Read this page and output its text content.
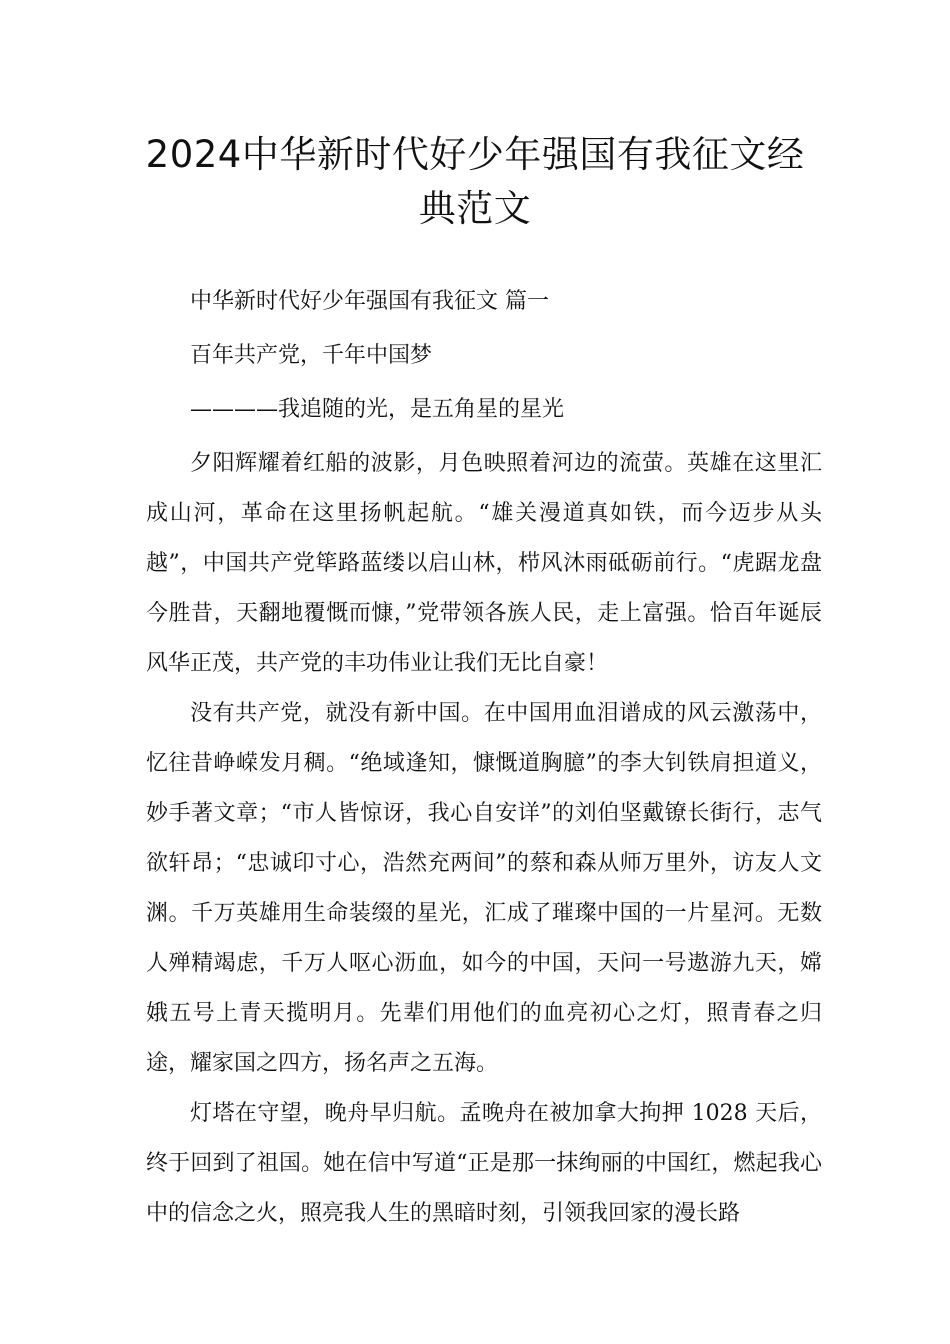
2024中华新时代好少年强国有我征文经
典范文

中华新时代好少年强国有我征文 篇一

百年共产党，千年中国梦

————我追随的光，是五角星的星光

夕阳辉耀着红船的波影，月色映照着河边的流萤。英雄在这里汇成山河，革命在这里扬帆起航。“雄关漫道真如铁，而今迈步从头越”，中国共产党筚路蓝缕以启山林，栉风沐雨砥砺前行。“虎踞龙盘今胜昔，天翻地覆慨而慷，”党带领各族人民，走上富强。恰百年诞辰风华正茂，共产党的丰功伟业让我们无比自豪！

没有共产党，就没有新中国。在中国用血泪谱成的风云激荡中，忆往昔峥嵘发月稠。“绝域逢知，慷慨道胸臆”的李大钊铁肩担道义，妙手著文章；“市人皆惊讶，我心自安详”的刘伯坚戴镣长街行，志气欲轩昂；“忠诚印寸心，浩然充两间”的蔡和森从师万里外，访友人文渊。千万英雄用生命装缀的星光，汇成了璀璨中国的一片星河。无数人殚精竭虑，千万人呕心沥血，如今的中国，天问一号遨游九天，嫦娥五号上青天揽明月。先辈们用他们的血亮初心之灯，照青春之归途，耀家国之四方，扬名声之五海。

灯塔在守望，晚舟早归航。孟晚舟在被加拿大拘押 1028 天后，终于回到了祖国。她在信中写道“正是那一抹绚丽的中国红，燃起我心中的信念之火，照亮我人生的黑暗时刻，引领我回家的漫长路
